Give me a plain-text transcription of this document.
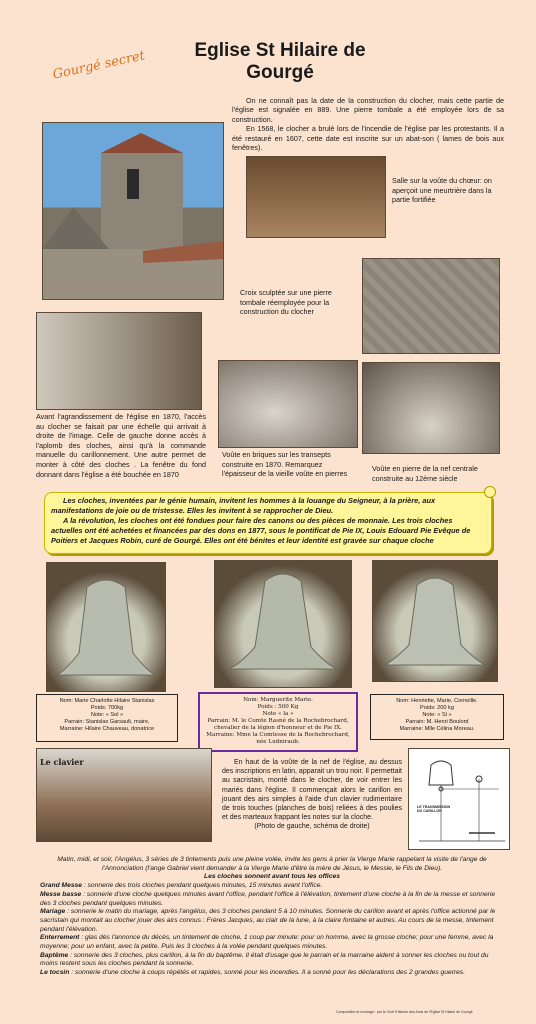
Gourgé secret	Eglise St Hilaire de Gourgé

On ne connaît pas la date de la construction du clocher, mais cette partie de l'église est signalée en 889. Une pierre tombale a été employée lors de sa construction.

En 1568, le clocher a brulé lors de l'incendie de l'église par les protestants. Il a été restauré en 1607, cette date est inscrite sur un abat-son ( lames de bois aux fenêtres).

Salle sur la voûte du chœur: on aperçoit une meurtrière dans la partie fortifiée
Croix sculptée sur une pierre tombale réemployée pour la construction du clocher
Avant l'agrandissement de l'église en 1870, l'accès au clocher se faisait par une échelle qui arrivait à droite de l'image. Celle de gauche donne accès à l'aplomb des cloches, ainsi qu'à la commande manuelle du carillonnement. Une autre permet de monter à côté des cloches . La fenêtre du fond donnant dans l'église a été bouchée en 1870
Voûte en briques sur les transepts construite en 1870. Remarquez l'épaisseur de la vieille voûte en pierres
Voûte en pierre de la nef centrale construite au 12ème siècle

Les cloches, inventées par le génie humain, invitent les hommes à la louange du Seigneur, à la prière, aux manifestations de joie ou de tristesse. Elles les invitent à se rapprocher de Dieu.

A la révolution, les cloches ont été fondues pour faire des canons ou des pièces de monnaie. Les trois cloches actuelles ont été achetées et financées par des dons en 1877, sous le pontificat de Pie IX, Louis Edouard Pie Evêque de Poitiers et Jacques Robin, curé de Gourgé. Elles ont été bénites et leur identité est gravée sur chaque cloche

Nom: Marie Charlotte Hilaire Stanislas
Poids: 700kg
Note: « Sol »
Parrain: Stanislas Garsault, maire,
Marraine: Hilaire Chauveau, donatrice
Nom: Marguerite Marie.
Poids : 500 Kg
Note « la »
Parrain: M. le Comte Rasné de la Rochebrochard, chevalier de la légion d'honneur et de Pie IX.
Marraine: Mme la Comtesse de la Rochebrochard, née Ludniraub.
Nom: Henriette, Marie, Corneille.
Poids: 200 kg
Note: « Si »
Parrain: M. Henri Boulord
Marraine: Mlle Célina Moreau.
Le clavier	En haut de la voûte de la nef de l'église, au dessus des inscriptions en latin, apparait un trou noir. Il permettait au sacristain, monté dans le clocher, de voir entrer les mariés dans l'église. Il commençait alors le carillon en jouant des airs simples à l'aide d'un clavier rudimentaire de trois touches (planches de bois) reliées à des poulies et des marteaux frappant les notes sur la cloche.
(Photo de gauche, schéma de droite)
LE TRANSMISSION DU CARILLON

Matin, midi, et soir, l'Angélus, 3 séries de 3 tintements puis une pleine volée, invite les gens à prier la Vierge Marie rappelant la visite de l'ange de l'Annonciation (l'ange Gabriel vient demander à la Vierge Marie d'être la mère de Jésus, le Messie, le Fils de Dieu).

Les cloches sonnent avant tous les offices

Grand Messe : sonnerie des trois cloches pendant quelques minutes, 15 minutes avant l'office.

Messe basse : sonnerie d'une cloche quelques minutes avant l'office, pendant l'office à l'élévation, tintement d'une cloche à la fin de la messe et sonnerie des 3 cloches pendant quelques minutes.

Mariage : sonnerie le matin du mariage, après l'angélus, des 3 cloches pendant 5 à 10 minutes. Sonnerie du carillon avant et après l'office actionné par le sacristain qui montait au clocher jouer des airs connus : Frères Jacques, au clair de la lune, à la claire fontaine et autres. Au cours de la messe, tintement pendant l'élévation.

Enterrement : glas dès l'annonce du décès, un tintement de cloche, 1 coup par minute: pour un homme, avec la grosse cloche; pour une femme, avec la moyenne; pour un enfant, avec la petite. Puis les 3 cloches à la volée pendant quelques minutes.

Baptême : sonnerie des 3 cloches, plus carillon, à la fin du baptême. Il était d'usage que le parrain et la marraine aident à sonner les cloches ou tout du moins restent sous les cloches pendant la sonnerie.

Le tocsin : sonnerie d'une cloche à coups répétés et rapides, sonné pour les incendies. Il a sonné pour les déclarations des 2 grandes guerres.

Composition et montage : par le Club l'Histoire des Amis de l'Eglise St Hilaire de Gourgé
